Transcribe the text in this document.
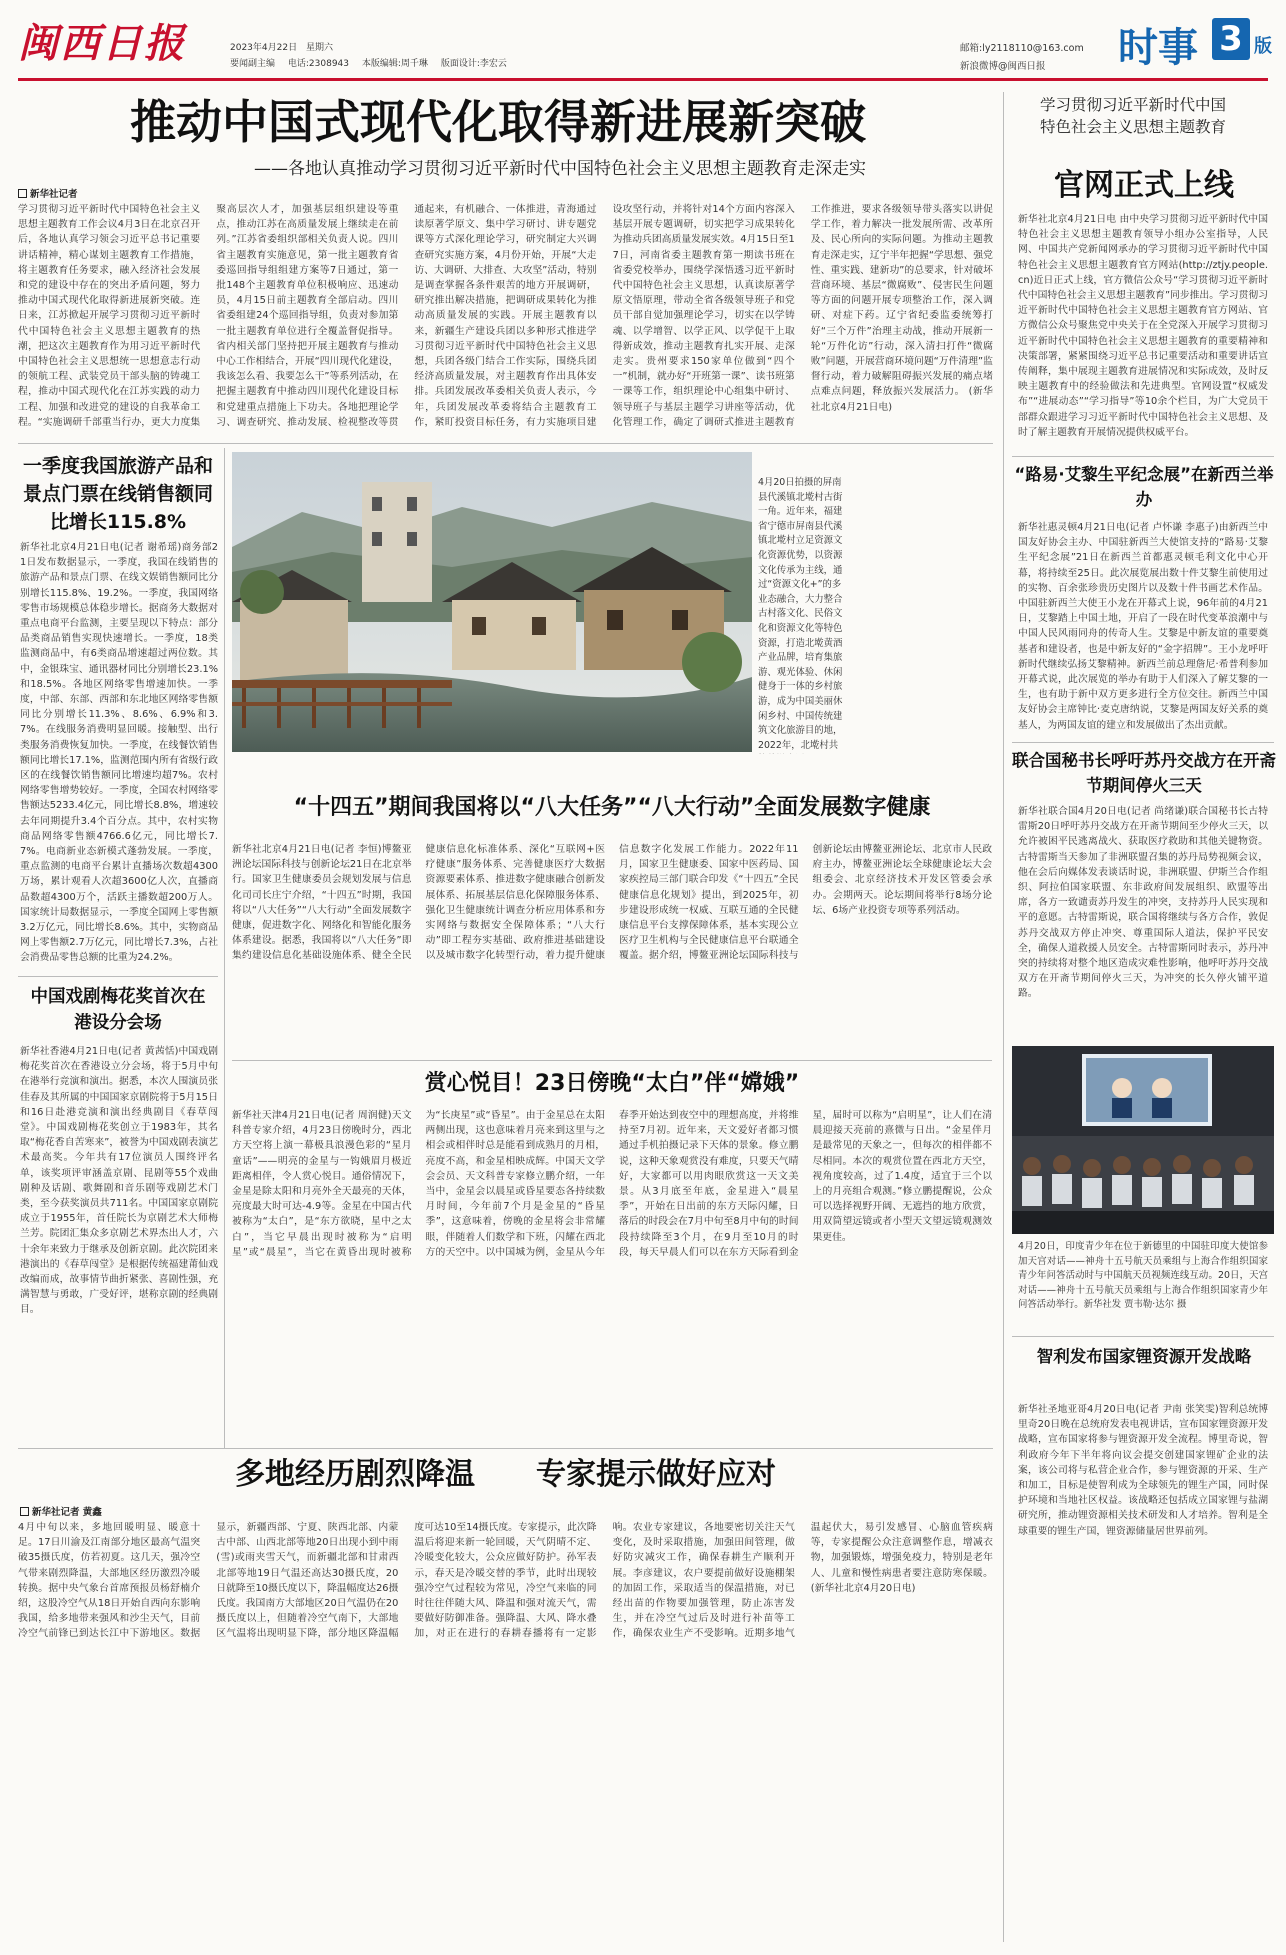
闽西日报	2023年4月22日 星期六
要闻副主编 电话:2308943 本版编辑:周千琳 版面设计:李宏云
邮箱:ly2118110@163.com
新浪微博@闽西日报 时事 3 版
推动中国式现代化取得新进展新突破
——各地认真推动学习贯彻习近平新时代中国特色社会主义思想主题教育走深走实
新华社记者
学习贯彻习近平新时代中国特色社会主义思想主题教育工作会议4月3日在北京召开后，各地认真学习领会习近平总书记重要讲话精神，精心谋划主题教育工作措施，将主题教育任务要求，融入经济社会发展和党的建设中存在的突出矛盾问题，努力推动中国式现代化取得新进展新突破。连日来，江苏掀起开展学习贯彻习近平新时代中国特色社会主义思想主题教育的热潮，把这次主题教育作为用习近平新时代中国特色社会主义思想统一思想意志行动的领航工程、武装党员干部头脑的铸魂工程，推动中国式现代化在江苏实践的动力工程、加强和改进党的建设的自我革命工程。“实施调研千部重当行办，更大力度集聚高层次人才，加强基层组织建设等重点，推动江苏在高质量发展上继续走在前列。”江苏省委组织部相关负责人说。四川省主题教育实施意见，第一批主题教育省委巡回指导组组建方案等7日通过，第一批148个主题教育单位积极响应、迅速动员，4月15日前主题教育全部启动。四川省委组建24个巡回指导组，负责对参加第一批主题教育单位进行全覆盖督促指导。省内相关部门坚持把开展主题教育与推动中心工作相结合，开展“四川现代化建设，我该怎么看、我要怎么干”等系列活动，在把握主题教育中推动四川现代化建设目标和党建重点措施上下功夫。各地把理论学习、调查研究、推动发展、检视整改等贯通起来，有机融合、一体推进，青海通过读原著学原文、集中学习研讨、讲专题党课等方式深化理论学习，研究制定大兴调查研究实施方案，4月份开始，开展“大走访、大调研、大排查、大攻坚”活动，特别是调查掌握各条件艰苦的地方开展调研，研究推出解决措施，把调研成果转化为推动高质量发展的实践。开展主题教育以来，新疆生产建设兵团以多种形式推进学习贯彻习近平新时代中国特色社会主义思想，兵团各级门结合工作实际，围绕兵团经济高质量发展，对主题教育作出具体安排。兵团发展改革委相关负责人表示，今年，兵团发展改革委将结合主题教育工作，紧盯投资目标任务，有力实施项目建设攻坚行动，并将针对14个方面内容深入基层开展专题调研，切实把学习成果转化为推动兵团高质量发展实效。4月15日至17日，河南省委主题教育第一期读书班在省委党校举办，围绕学深悟透习近平新时代中国特色社会主义思想，认真读原著学原文悟原理，带动全省各级领导班子和党员干部自觉加强理论学习，切实在以学铸魂、以学增智、以学正风、以学促干上取得新成效，推动主题教育扎实开展、走深走实。贵州要求150家单位做到“四个一”机制，就办好“开班第一课”、读书班第一课等工作，组织理论中心组集中研讨、领导班子与基层主题学习讲座等活动，优化管理工作，确定了调研式推进主题教育工作推进，要求各级领导带头落实以讲促学工作，着力解决一批发展所需、改革所及、民心所向的实际问题。为推动主题教育走深走实，辽宁半年把握“学思想、强党性、重实践、建新功”的总要求，针对破坏营商环境、基层“微腐败”、侵害民生问题等方面的问题开展专项整治工作，深入调研、对症下药。辽宁省纪委监委统筹打好“三个万件”治理主动战，推动开展新一轮“万件化访”行动，深入清扫打件“微腐败”问题，开展营商环境问题“万件清理”监督行动，着力破解阻碍振兴发展的痛点堵点难点问题，释放振兴发展活力。 (新华社北京4月21日电)
学习贯彻习近平新时代中国特色社会主义思想主题教育
官网正式上线
新华社北京4月21日电 由中央学习贯彻习近平新时代中国特色社会主义思想主题教育领导小组办公室指导，人民网、中国共产党新闻网承办的学习贯彻习近平新时代中国特色社会主义思想主题教育官方网站(http://ztjy.people.cn)近日正式上线，官方微信公众号“学习贯彻习近平新时代中国特色社会主义思想主题教育”同步推出。学习贯彻习近平新时代中国特色社会主义思想主题教育官方网站、官方微信公众号聚焦党中央关于在全党深入开展学习贯彻习近平新时代中国特色社会主义思想主题教育的重要精神和决策部署，紧紧围绕习近平总书记重要活动和重要讲话宣传阐释，集中展现主题教育进展情况和实际成效，及时反映主题教育中的经验做法和先进典型。官网设置“权威发布”“进展动态”“学习指导”等10余个栏目，为广大党员干部群众跟进学习习近平新时代中国特色社会主义思想、及时了解主题教育开展情况提供权威平台。
一季度我国旅游产品和景点门票在线销售额同比增长115.8%
新华社北京4月21日电(记者 谢希瑶)商务部21日发布数据显示，一季度，我国在线销售的旅游产品和景点门票、在线文娱销售额同比分别增长115.8%、19.2%。一季度，我国网络零售市场规模总体稳步增长。据商务大数据对重点电商平台监测，主要呈现以下特点：部分品类商品销售实现快速增长。一季度，18类监测商品中，有6类商品增速超过两位数。其中，金银珠宝、通讯器材同比分别增长23.1%和18.5%。各地区网络零售增速加快。一季度，中部、东部、西部和东北地区网络零售额同比分别增长11.3%、8.6%、6.9%和3.7%。在线服务消费明显回暖。接触型、出行类服务消费恢复加快。一季度，在线餐饮销售额同比增长17.1%，监测范围内所有省级行政区的在线餐饮销售额同比增速均超7%。农村网络零售增势较好。一季度，全国农村网络零售额达5233.4亿元，同比增长8.8%，增速较去年同期提升3.4个百分点。其中，农村实物商品网络零售额4766.6亿元，同比增长7.7%。电商新业态新模式蓬勃发展。一季度，重点监测的电商平台累计直播场次数超4300万场，累计观看人次超3600亿人次，直播商品数超4300万个，活跃主播数超200万人。国家统计局数据显示，一季度全国网上零售额3.2万亿元，同比增长8.6%。其中，实物商品网上零售额2.7万亿元，同比增长7.3%，占社会消费品零售总额的比重为24.2%。
4月20日拍摄的屏南县代溪镇北墘村古街一角。近年来，福建省宁德市屏南县代溪镇北墘村立足资源文化资源优势，以资源文化传承为主线，通过“资源文化+”的多业态融合，大力整合古村落文化、民俗文化和资源文化等特色资源，打造北墘黄酒产业品牌，培育集旅游、观光体验、休闲健身于一体的乡村旅游，成为中国美丽休闲乡村、中国传统建筑文化旅游目的地，2022年，北墘村共
“十四五”期间我国将以“八大任务”“八大行动”全面发展数字健康
新华社北京4月21日电(记者 李恒)博鳌亚洲论坛国际科技与创新论坛21日在北京举行。国家卫生健康委员会规划发展与信息化司司长庄宁介绍，“十四五”时期，我国将以“八大任务”“八大行动”全面发展数字健康，促进数字化、网络化和智能化服务体系建设。据悉，我国将以“八大任务”即集约建设信息化基础设施体系、健全全民健康信息化标准体系、深化“互联网+医疗健康”服务体系、完善健康医疗大数据资源要素体系、推进数字健康融合创新发展体系、拓展基层信息化保障服务体系、强化卫生健康统计调查分析应用体系和夯实网络与数据安全保障体系；“八大行动”即工程夯实基础、政府推进基础建设以及城市数字化转型行动，着力提升健康信息数字化发展工作能力。2022年11月，国家卫生健康委、国家中医药局、国家疾控局三部门联合印发《“十四五”全民健康信息化规划》提出，到2025年，初步建设形成统一权威、互联互通的全民健康信息平台支撑保障体系，基本实现公立医疗卫生机构与全民健康信息平台联通全覆盖。据介绍，博鳌亚洲论坛国际科技与创新论坛由博鳌亚洲论坛、北京市人民政府主办，博鳌亚洲论坛全球健康论坛大会组委会、北京经济技术开发区管委会承办。会期两天。论坛期间将举行8场分论坛、6场产业投资专项等系列活动。
“路易·艾黎生平纪念展”在新西兰举办
新华社惠灵顿4月21日电(记者 卢怀谦 李惠子)由新西兰中国友好协会主办、中国驻新西兰大使馆支持的“路易·艾黎生平纪念展”21日在新西兰首都惠灵顿毛利文化中心开幕，将持续至25日。此次展览展出数十件艾黎生前使用过的实物、百余张珍贵历史图片以及数十件书画艺术作品。中国驻新西兰大使王小龙在开幕式上说，96年前的4月21日，艾黎踏上中国土地，开启了一段在时代变革浪潮中与中国人民风雨同舟的传奇人生。艾黎是中新友谊的重要奠基者和建设者，也是中新友好的“金字招牌”。王小龙呼吁新时代继续弘扬艾黎精神。新西兰前总理詹尼·希普利参加开幕式说，此次展览的举办有助于人们深入了解艾黎的一生，也有助于新中双方更多进行全方位交往。新西兰中国友好协会主席钟比·麦克唐纳说，艾黎是两国友好关系的奠基人，为两国友谊的建立和发展做出了杰出贡献。
联合国秘书长呼吁苏丹交战方在开斋节期间停火三天
新华社联合国4月20日电(记者 尚绪谦)联合国秘书长古特雷斯20日呼吁苏丹交战方在开斋节期间至少停火三天，以允许被困平民逃离战火、获取医疗救助和其他关键物资。古特雷斯当天参加了非洲联盟召集的苏丹局势视频会议，他在会后向媒体发表谈话时说，非洲联盟、伊斯兰合作组织、阿拉伯国家联盟、东非政府间发展组织、欧盟等出席，各方一致谴责苏丹发生的冲突，支持苏丹人民实现和平的意愿。古特雷斯说，联合国将继续与各方合作，敦促苏丹交战双方停止冲突、尊重国际人道法，保护平民安全，确保人道救援人员安全。古特雷斯同时表示，苏丹冲突的持续将对整个地区造成灾难性影响，他呼吁苏丹交战双方在开斋节期间停火三天，为冲突的长久停火铺平道路。
中国戏剧梅花奖首次在港设分会场
新华社香港4月21日电(记者 黄茜恬)中国戏剧梅花奖首次在香港设立分会场，将于5月中旬在港举行竞演和演出。据悉，本次人围演员张佳春及其所属的中国国家京剧院将于5月15日和16日赴港竞演和演出经典剧目《春草闯堂》。中国戏剧梅花奖创立于1983年，其名取“梅花香自苦寒来”，被誉为中国戏剧表演艺术最高奖。今年共有17位演员人围终评名单，该奖项评审涵盖京剧、昆剧等55个戏曲剧种及话剧、歌舞剧和音乐剧等戏剧艺术门类，至今获奖演员共711名。中国国家京剧院成立于1955年，首任院长为京剧艺术大师梅兰芳。院团汇集众多京剧艺术界杰出人才，六十余年来致力于继承及创新京剧。此次院团来港演出的《春草闯堂》是根据传统福建莆仙戏改编而成，故事情节曲折紧张、喜剧性强，充满智慧与勇敢，广受好评，堪称京剧的经典剧目。
赏心悦目！23日傍晚“太白”伴“嫦娥”
新华社天津4月21日电(记者 周润健)天文科普专家介绍，4月23日傍晚时分，西北方天空将上演一幕极具浪漫色彩的“星月童话”——明亮的金星与一钩娥眉月极近距离相伴，令人赏心悦目。通俗情况下，金星是除太阳和月亮外全天最亮的天体，亮度最大时可达-4.9等。金星在中国古代被称为“太白”，是“东方欲晓，星中之太白”，当它早晨出现时被称为“启明星”或“晨星”，当它在黄昏出现时被称为“长庚星”或“昏星”。由于金星总在太阳两侧出现，这也意味着月亮来到这里与之相会或相伴时总是能看到成熟月的月相，亮度不高，和金星相映成辉。中国天文学会会员、天文科普专家修立鹏介绍，一年当中，金星会以晨星或昏星要态各持续数月时间，今年前7个月是金星的“昏星季”，这意味着，傍晚的金星将会非常耀眼，伴随着人们数学和下班，闪耀在西北方的天空中。以中国城为例，金星从今年春季开始达到夜空中的理想高度，并将维持至7月初。近年来，天文爱好者都习惯通过手机拍摄记录下天体的景象。修立鹏说，这种天象观赏没有难度，只要天气晴好，大家都可以用肉眼欣赏这一天文美景。从3月底至年底，金星进入“晨星季”，开始在日出前的东方天际闪耀，日落后的时段会在7月中旬至8月中旬的时间段持续降至3个月，在9月至10月的时段，每天早晨人们可以在东方天际看到金星，届时可以称为“启明星”，让人们在清晨迎接天亮前的熹微与日出。“金星伴月是最常见的天象之一，但每次的相伴都不尽相同。本次的观赏位置在西北方天空，视角度较高，过了1.4度，适宜于三个以上的月亮组合观测。”修立鹏提醒说，公众可以选择视野开阔、无遮挡的地方欣赏，用双筒望远镜或者小型天文望远镜观测效果更佳。
4月20日，印度青少年在位于新德里的中国驻印度大使馆参加天宫对话——神舟十五号航天员乘组与上海合作组织国家青少年问答活动时与中国航天员视频连线互动。20日，天宫对话——神舟十五号航天员乘组与上海合作组织国家青少年问答活动举行。新华社发 贾韦勒·达尔 摄
多地经历剧烈降温 专家提示做好应对
新华社记者 黄鑫
4月中旬以来，多地回暖明显、暖意十足。17日川渝及江南部分地区最高气温突破35摄氏度，仿若初夏。这几天，强冷空气带来剧烈降温，大部地区经历激烈冷暖转换。据中央气象台首席预报员杨舒楠介绍，这股冷空气从18日开始自西向东影响我国，给多地带来强风和沙尘天气，目前冷空气前锋已到达长江中下游地区。数据显示，新疆西部、宁夏、陕西北部、内蒙古中部、山西北部等地20日出现小到中雨(雪)或雨夹雪天气，而新疆北部和甘肃西北部等地19日气温还高达30摄氏度，20日就降至10摄氏度以下，降温幅度达26摄氏度。我国南方大部地区20日气温仍在20摄氏度以上，但随着冷空气南下，大部地区气温将出现明显下降，部分地区降温幅度可达10至14摄氏度。专家提示，此次降温后将迎来新一轮回暖，天气阴晴不定、冷暖变化较大，公众应做好防护。孙军表示，春天是冷暖交替的季节，此时出现较强冷空气过程较为常见，冷空气来临的同时往往伴随大风、降温和强对流天气，需要做好防御准备。强降温、大风、降水叠加，对正在进行的春耕春播将有一定影响。农业专家建议，各地要密切关注天气变化，及时采取措施，加强田间管理，做好防灾减灾工作，确保春耕生产顺利开展。李彦建议，农户要提前做好设施棚架的加固工作，采取适当的保温措施，对已经出苗的作物要加强管理，防止冻害发生，并在冷空气过后及时进行补苗等工作，确保农业生产不受影响。近期多地气温起伏大，易引发感冒、心脑血管疾病等，专家提醒公众注意调整作息，增减衣物，加强锻炼，增强免疫力，特别是老年人、儿童和慢性病患者要注意防寒保暖。 (新华社北京4月20日电)
智利发布国家锂资源开发战略
新华社圣地亚哥4月20日电(记者 尹南 张笑雯)智利总统博里奇20日晚在总统府发表电视讲话，宣布国家锂资源开发战略，宣布国家将参与锂资源开发全流程。博里奇说，智利政府今年下半年将向议会提交创建国家锂矿企业的法案，该公司将与私营企业合作，参与锂资源的开采、生产和加工，目标是使智利成为全球领先的锂生产国，同时保护环境和当地社区权益。该战略还包括成立国家锂与盐湖研究所，推动锂资源相关技术研发和人才培养。智利是全球重要的锂生产国，锂资源储量居世界前列。
